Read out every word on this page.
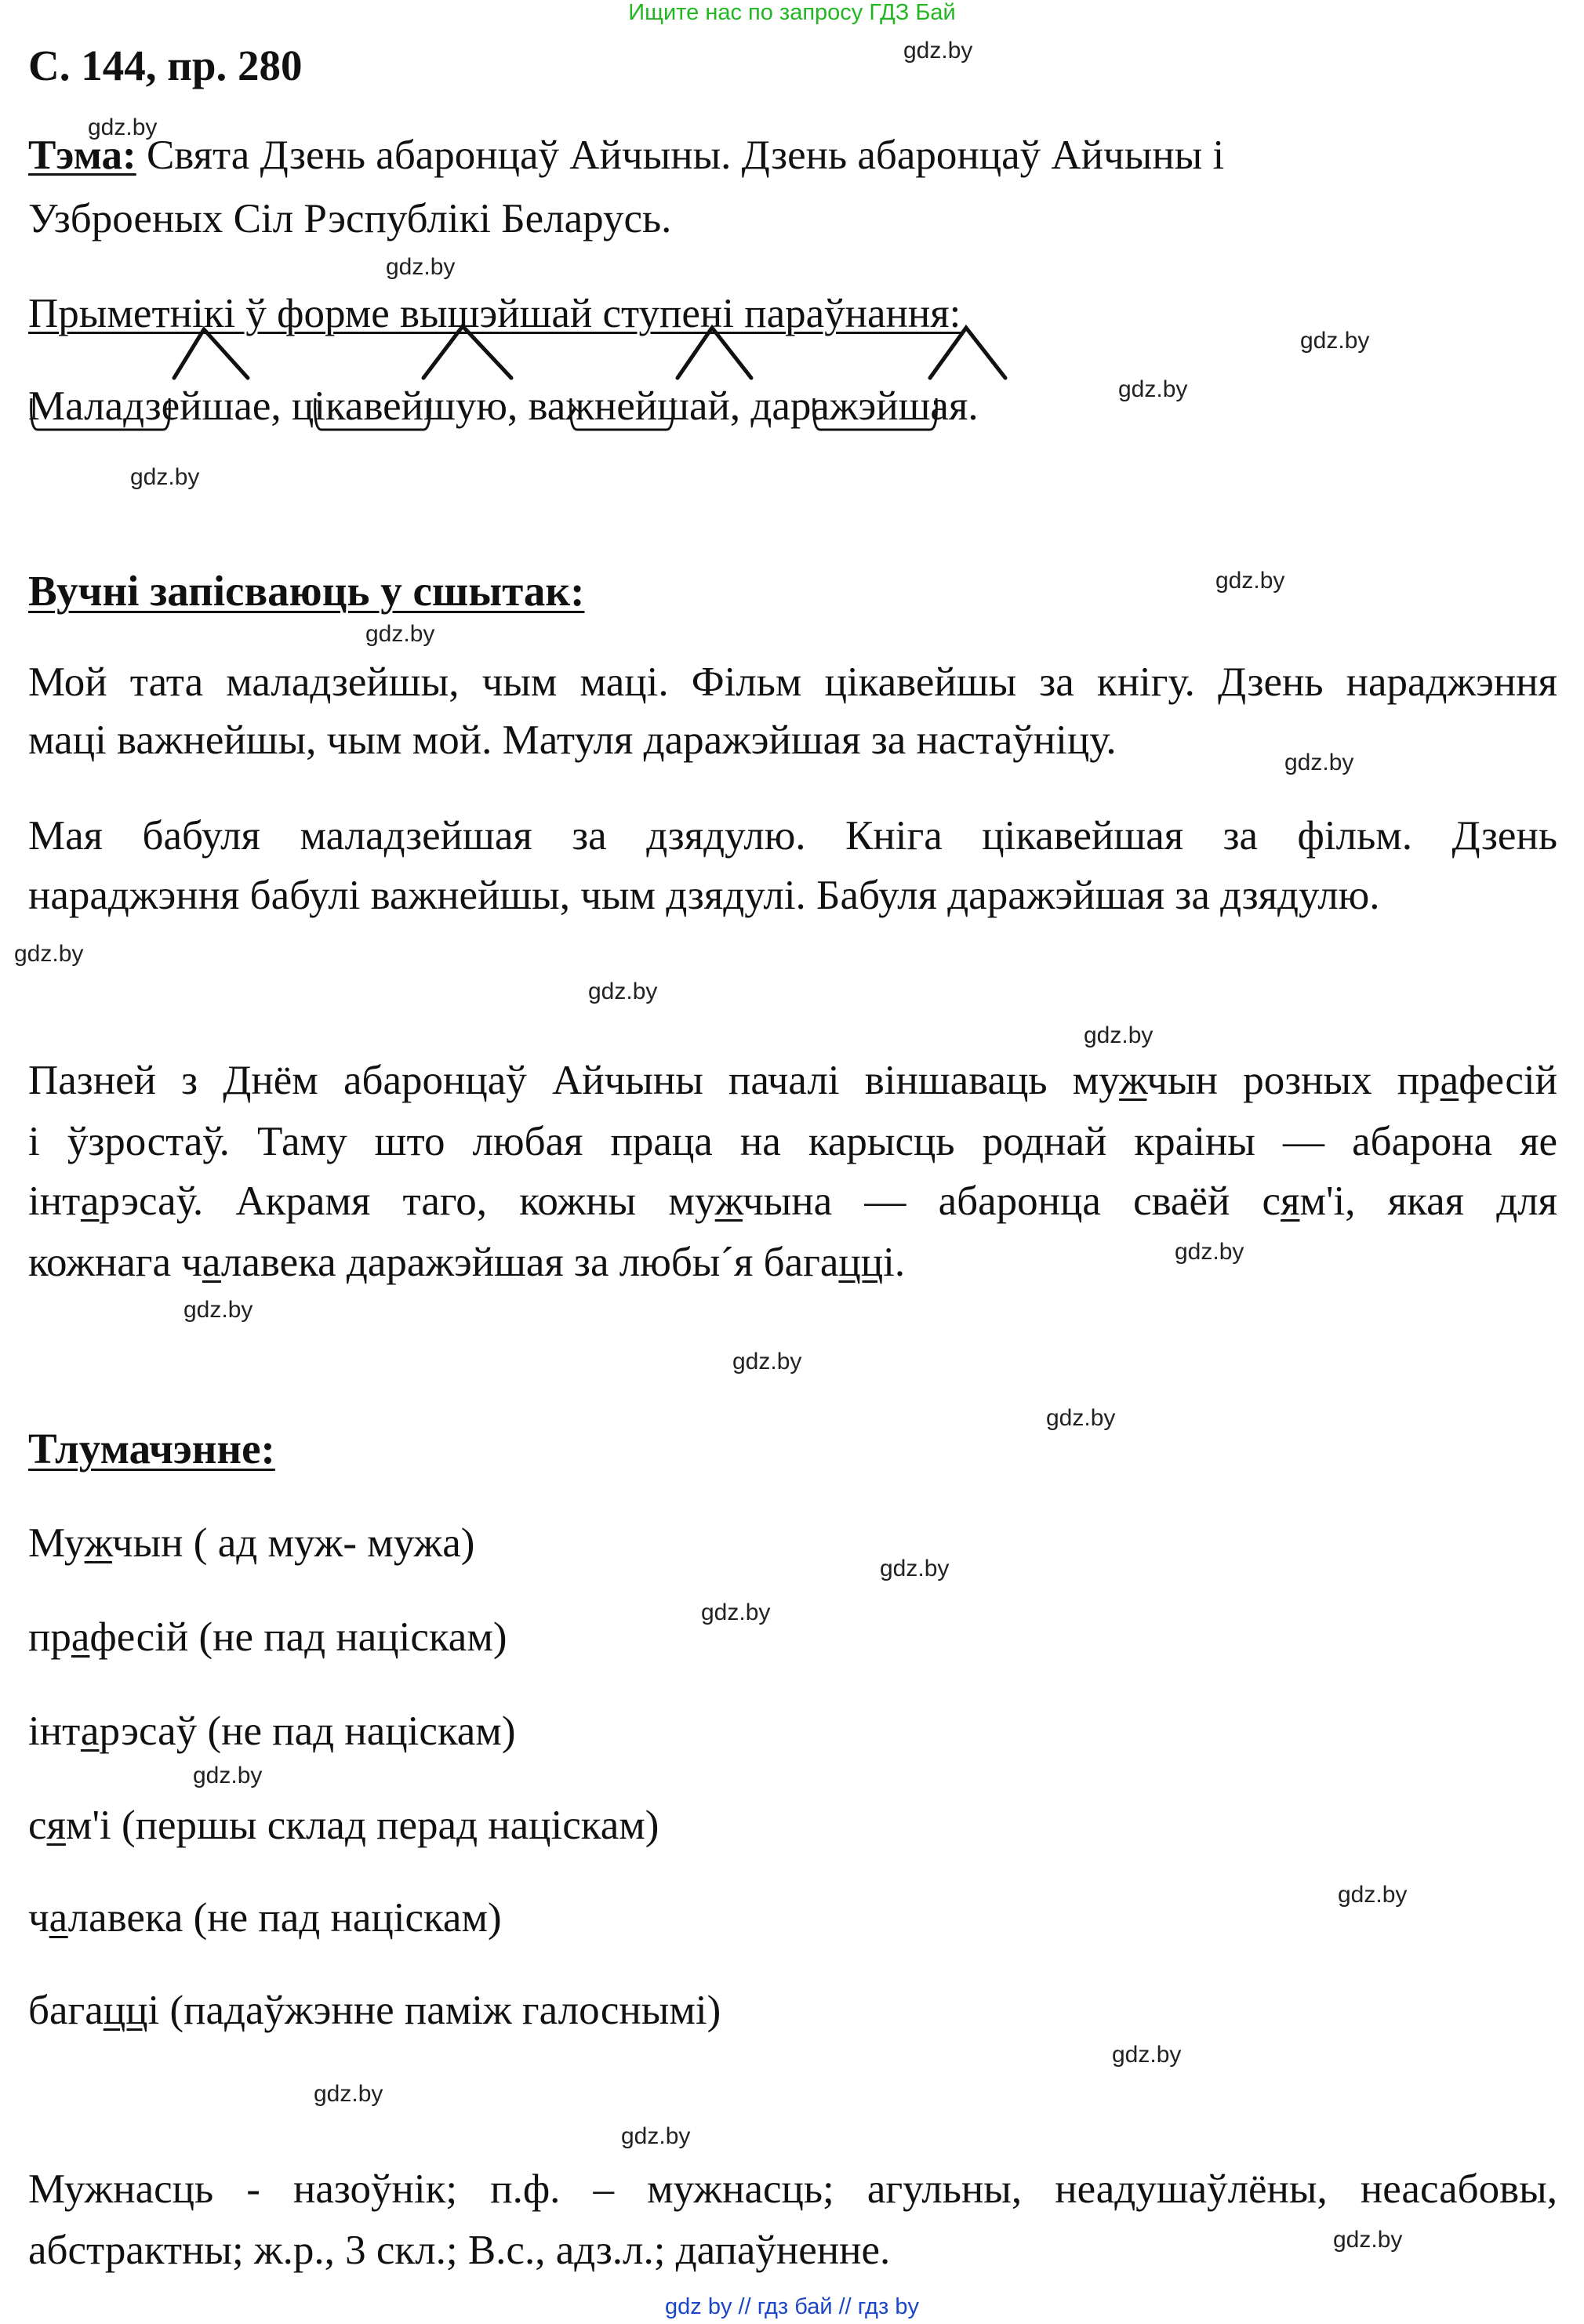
Ищите нас по запросу ГДЗ Бай
С. 144, пр. 280
Тэма: Свята Дзень абаронцаў Айчыны. Дзень абаронцаў Айчыны і
Узброеных Сіл Рэспублікі Беларусь.
Прыметнікі ў форме вышэйшай ступені параўнання:
Маладзейшае, цікавейшую, важнейшай, даражэйшая.
Вучні запісваюць у сшытак:
Мой тата маладзейшы, чым маці. Фільм цікавейшы за кнігу. Дзень нараджэння
маці важнейшы, чым мой. Матуля даражэйшая за настаўніцу.
Мая бабуля маладзейшая за дзядулю. Кніга цікавейшая за фільм. Дзень
нараджэння бабулі важнейшы, чым дзядулі. Бабуля даражэйшая за дзядулю.
Пазней з Днём абаронцаў Айчыны пачалі віншаваць мужчын розных прафесій
і ўзростаў. Таму што любая праца на карысць роднай краіны — абарона яе
інтарэсаў. Акрамя таго, кожны мужчына — абаронца сваёй сям'і, якая для
кожнага чалавека даражэйшая за любы´я багацці.
Тлумачэнне:
Мужчын ( ад муж- мужа)
прафесій (не пад націскам)
інтарэсаў (не пад націскам)
сям'і (першы склад перад націскам)
чалавека (не пад націскам)
багацці (падаўжэнне паміж галоснымі)
Мужнасць - назоўнік; п.ф. – мужнасць; агульны, неадушаўлёны, неасабовы,
абстрактны; ж.р., 3 скл.; В.с., адз.л.; дапаўненне.
gdz.by
gdz.by
gdz.by
gdz.by
gdz.by
gdz.by
gdz.by
gdz.by
gdz.by
gdz.by
gdz.by
gdz.by
gdz.by
gdz.by
gdz.by
gdz.by
gdz.by
gdz.by
gdz.by
gdz.by
gdz.by
gdz.by
gdz.by
gdz.by
gdz by // гдз бай // гдз by
